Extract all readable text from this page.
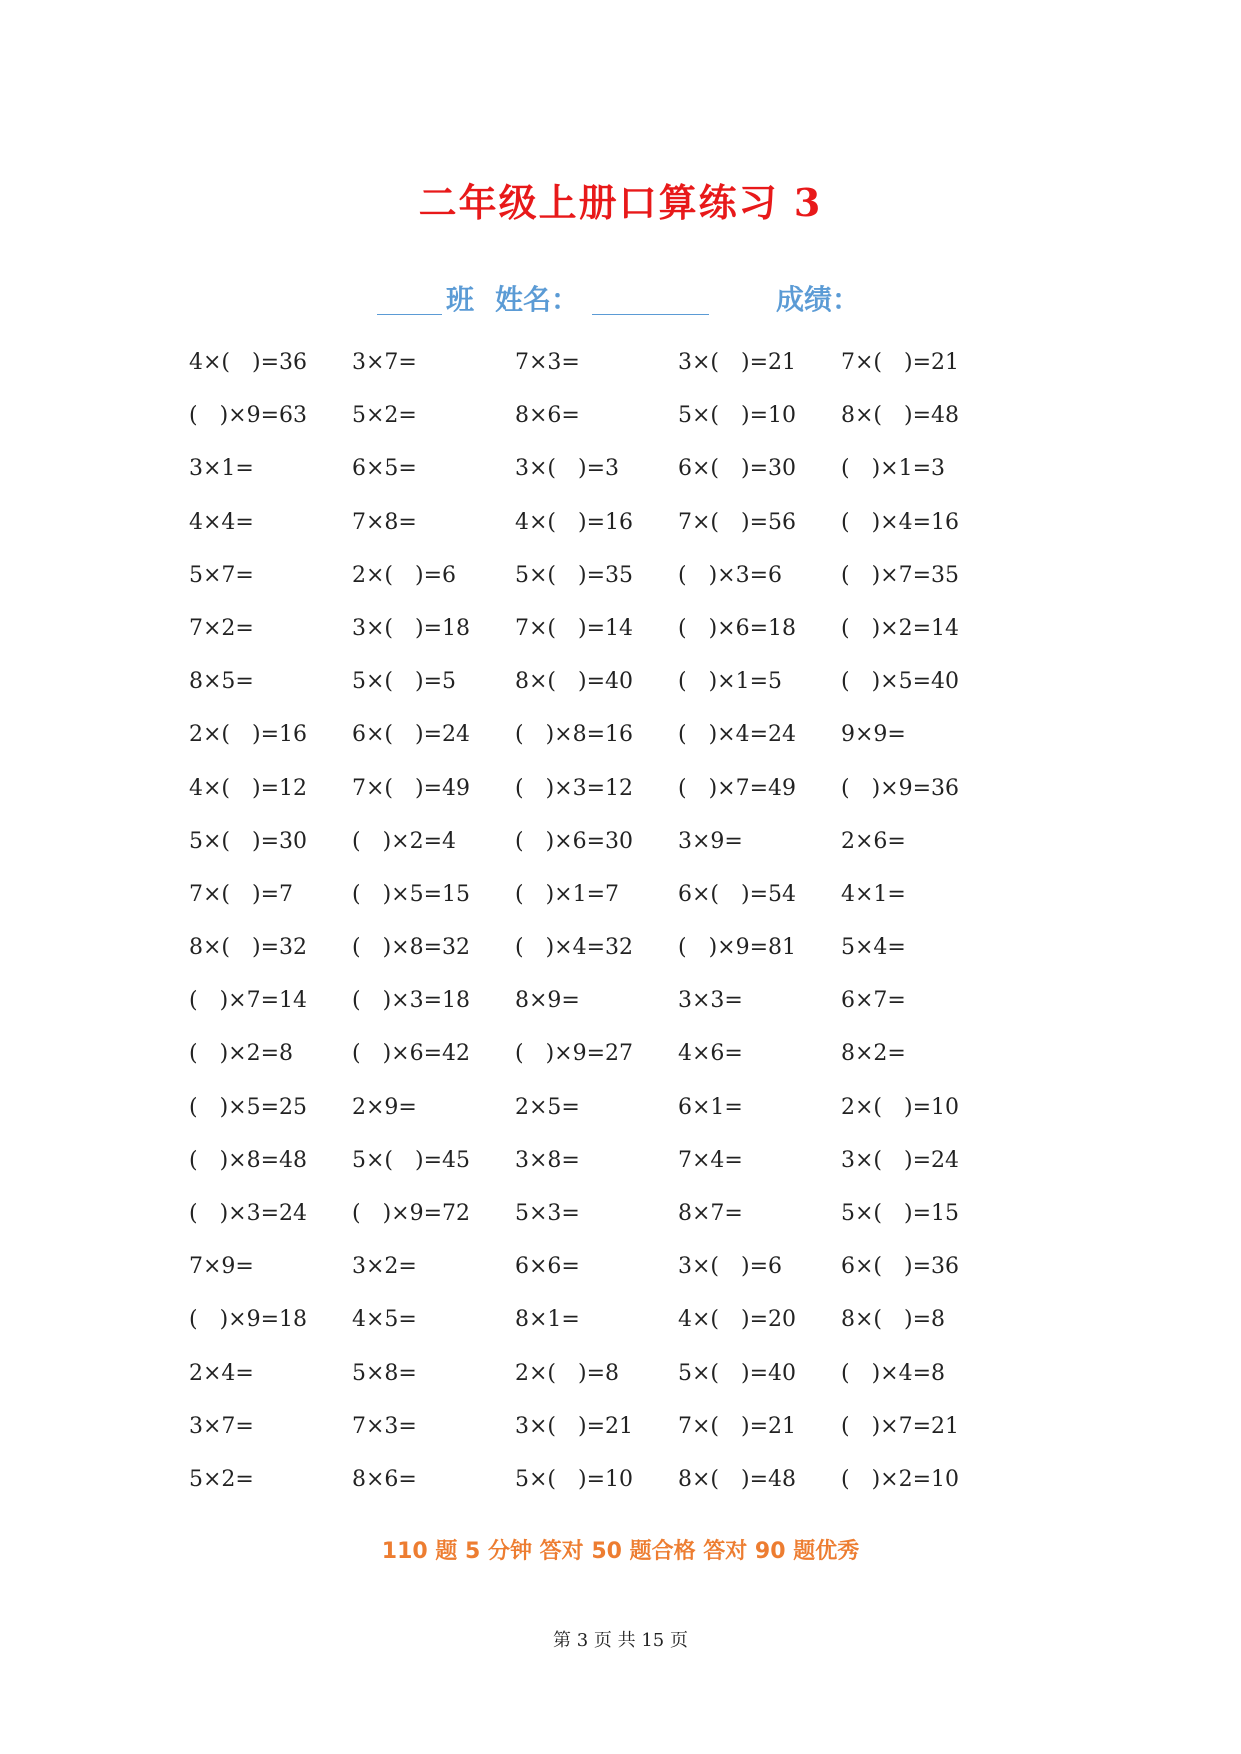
二年级上册口算练习 3
班 姓名：	成绩：
4×(　)=36	3×7=	7×3=	3×(　)=21	7×(　)=21
(　)×9=63	5×2=	8×6=	5×(　)=10	8×(　)=48
3×1=	6×5=	3×(　)=3	6×(　)=30	(　)×1=3
4×4=	7×8=	4×(　)=16	7×(　)=56	(　)×4=16
5×7=	2×(　)=6	5×(　)=35	(　)×3=6	(　)×7=35
7×2=	3×(　)=18	7×(　)=14	(　)×6=18	(　)×2=14
8×5=	5×(　)=5	8×(　)=40	(　)×1=5	(　)×5=40
2×(　)=16	6×(　)=24	(　)×8=16	(　)×4=24	9×9=
4×(　)=12	7×(　)=49	(　)×3=12	(　)×7=49	(　)×9=36
5×(　)=30	(　)×2=4	(　)×6=30	3×9=	2×6=
7×(　)=7	(　)×5=15	(　)×1=7	6×(　)=54	4×1=
8×(　)=32	(　)×8=32	(　)×4=32	(　)×9=81	5×4=
(　)×7=14	(　)×3=18	8×9=	3×3=	6×7=
(　)×2=8	(　)×6=42	(　)×9=27	4×6=	8×2=
(　)×5=25	2×9=	2×5=	6×1=	2×(　)=10
(　)×8=48	5×(　)=45	3×8=	7×4=	3×(　)=24
(　)×3=24	(　)×9=72	5×3=	8×7=	5×(　)=15
7×9=	3×2=	6×6=	3×(　)=6	6×(　)=36
(　)×9=18	4×5=	8×1=	4×(　)=20	8×(　)=8
2×4=	5×8=	2×(　)=8	5×(　)=40	(　)×4=8
3×7=	7×3=	3×(　)=21	7×(　)=21	(　)×7=21
5×2=	8×6=	5×(　)=10	8×(　)=48	(　)×2=10
110 题 5 分钟 答对 50 题合格 答对 90 题优秀
第 3 页 共 15 页
